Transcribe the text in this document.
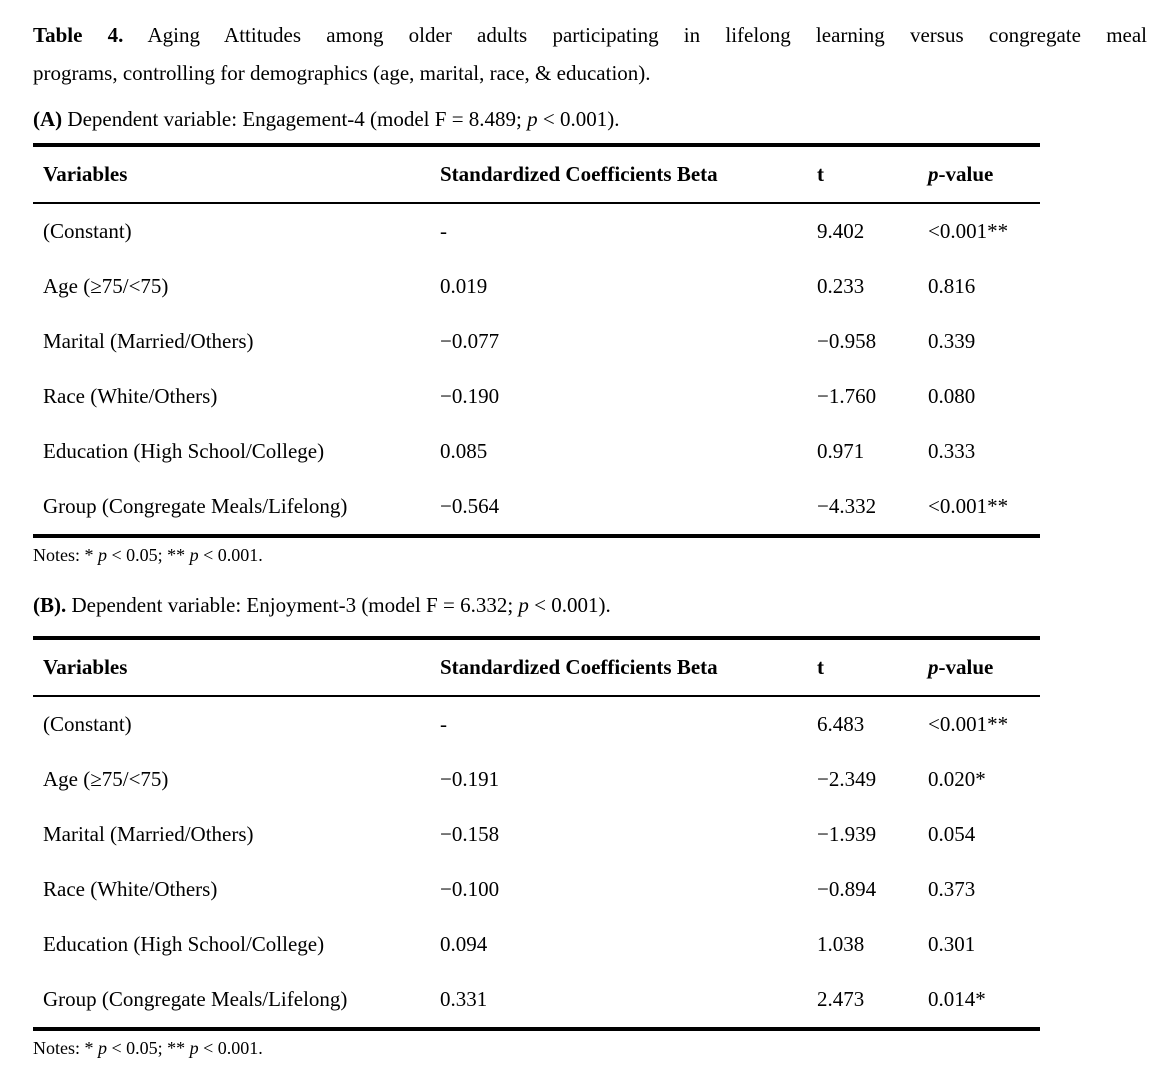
Table 4. Aging Attitudes among older adults participating in lifelong learning versus congregate meal
programs, controlling for demographics (age, marital, race, & education).
(A) Dependent variable: Engagement-4 (model F = 8.489; p < 0.001).
Variables	Standardized Coefficients Beta	t	p-value
(Constant)	-	9.402	<0.001**
Age (≥75/<75)	0.019	0.233	0.816
Marital (Married/Others)	−0.077	−0.958	0.339
Race (White/Others)	−0.190	−1.760	0.080
Education (High School/College)	0.085	0.971	0.333
Group (Congregate Meals/Lifelong)	−0.564	−4.332	<0.001**
Notes: * p < 0.05; ** p < 0.001.
(B). Dependent variable: Enjoyment-3 (model F = 6.332; p < 0.001).
Variables	Standardized Coefficients Beta	t	p-value
(Constant)	-	6.483	<0.001**
Age (≥75/<75)	−0.191	−2.349	0.020*
Marital (Married/Others)	−0.158	−1.939	0.054
Race (White/Others)	−0.100	−0.894	0.373
Education (High School/College)	0.094	1.038	0.301
Group (Congregate Meals/Lifelong)	0.331	2.473	0.014*
Notes: * p < 0.05; ** p < 0.001.
